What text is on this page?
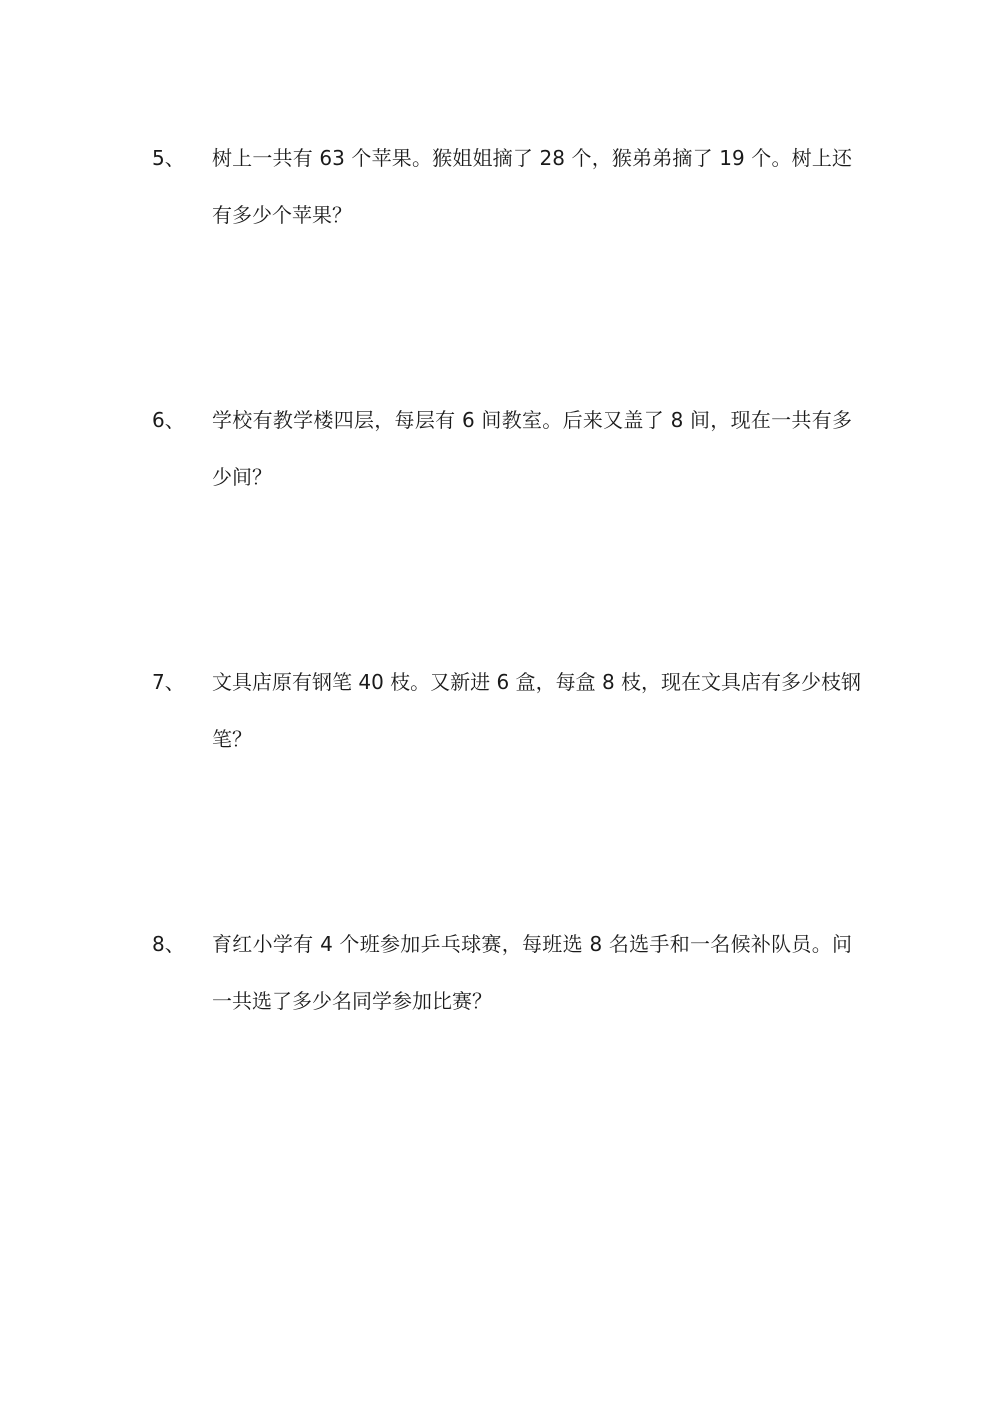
5、 树上一共有 63 个苹果。猴姐姐摘了 28 个，猴弟弟摘了 19 个。树上还
有多少个苹果？
6、 学校有教学楼四层，每层有 6 间教室。后来又盖了 8 间，现在一共有多
少间？
7、 文具店原有钢笔 40 枝。又新进 6 盒，每盒 8 枝，现在文具店有多少枝钢
笔？
8、 育红小学有 4 个班参加乒乓球赛，每班选 8 名选手和一名候补队员。问
一共选了多少名同学参加比赛？
